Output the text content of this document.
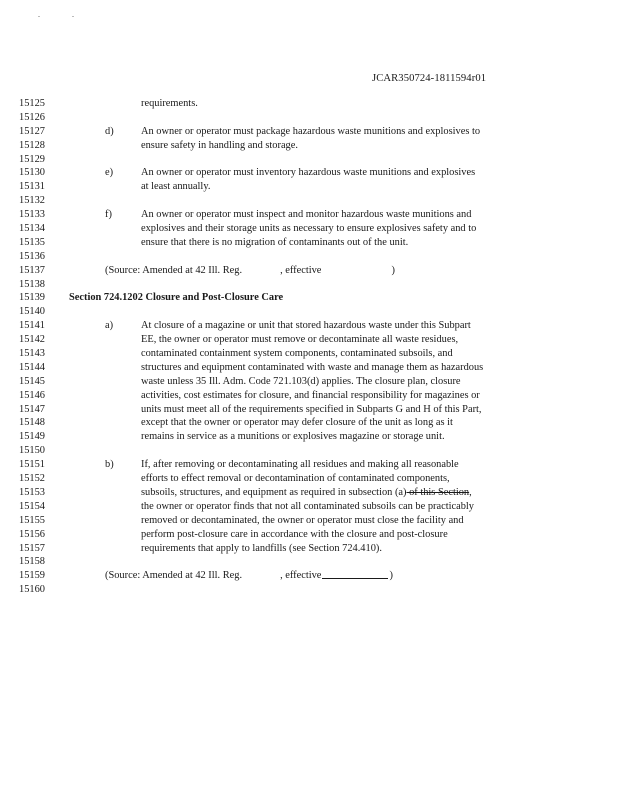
JCAR350724-1811594r01
15125	requirements.
15126
15127	d)	An owner or operator must package hazardous waste munitions and explosives to
15128	ensure safety in handling and storage.
15129
15130	e)	An owner or operator must inventory hazardous waste munitions and explosives
15131	at least annually.
15132
15133	f)	An owner or operator must inspect and monitor hazardous waste munitions and
15134	explosives and their storage units as necessary to ensure explosives safety and to
15135	ensure that there is no migration of contaminants out of the unit.
15136
15137	(Source: Amended at 42 Ill. Reg.	, effective	)
15138
15139 Section 724.1202 Closure and Post-Closure Care
15140
15141	a)	At closure of a magazine or unit that stored hazardous waste under this Subpart
15142	EE, the owner or operator must remove or decontaminate all waste residues,
15143	contaminated containment system components, contaminated subsoils, and
15144	structures and equipment contaminated with waste and manage them as hazardous
15145	waste unless 35 Ill. Adm. Code 721.103(d) applies. The closure plan, closure
15146	activities, cost estimates for closure, and financial responsibility for magazines or
15147	units must meet all of the requirements specified in Subparts G and H of this Part,
15148	except that the owner or operator may defer closure of the unit as long as it
15149	remains in service as a munitions or explosives magazine or storage unit.
15150
15151	b)	If, after removing or decontaminating all residues and making all reasonable
15152	efforts to effect removal or decontamination of contaminated components,
15153	subsoils, structures, and equipment as required in subsection (a) of this Section,
15154	the owner or operator finds that not all contaminated subsoils can be practicably
15155	removed or decontaminated, the owner or operator must close the facility and
15156	perform post-closure care in accordance with the closure and post-closure
15157	requirements that apply to landfills (see Section 724.410).
15158
15159	(Source: Amended at 42 Ill. Reg.	, effective	)
15160
